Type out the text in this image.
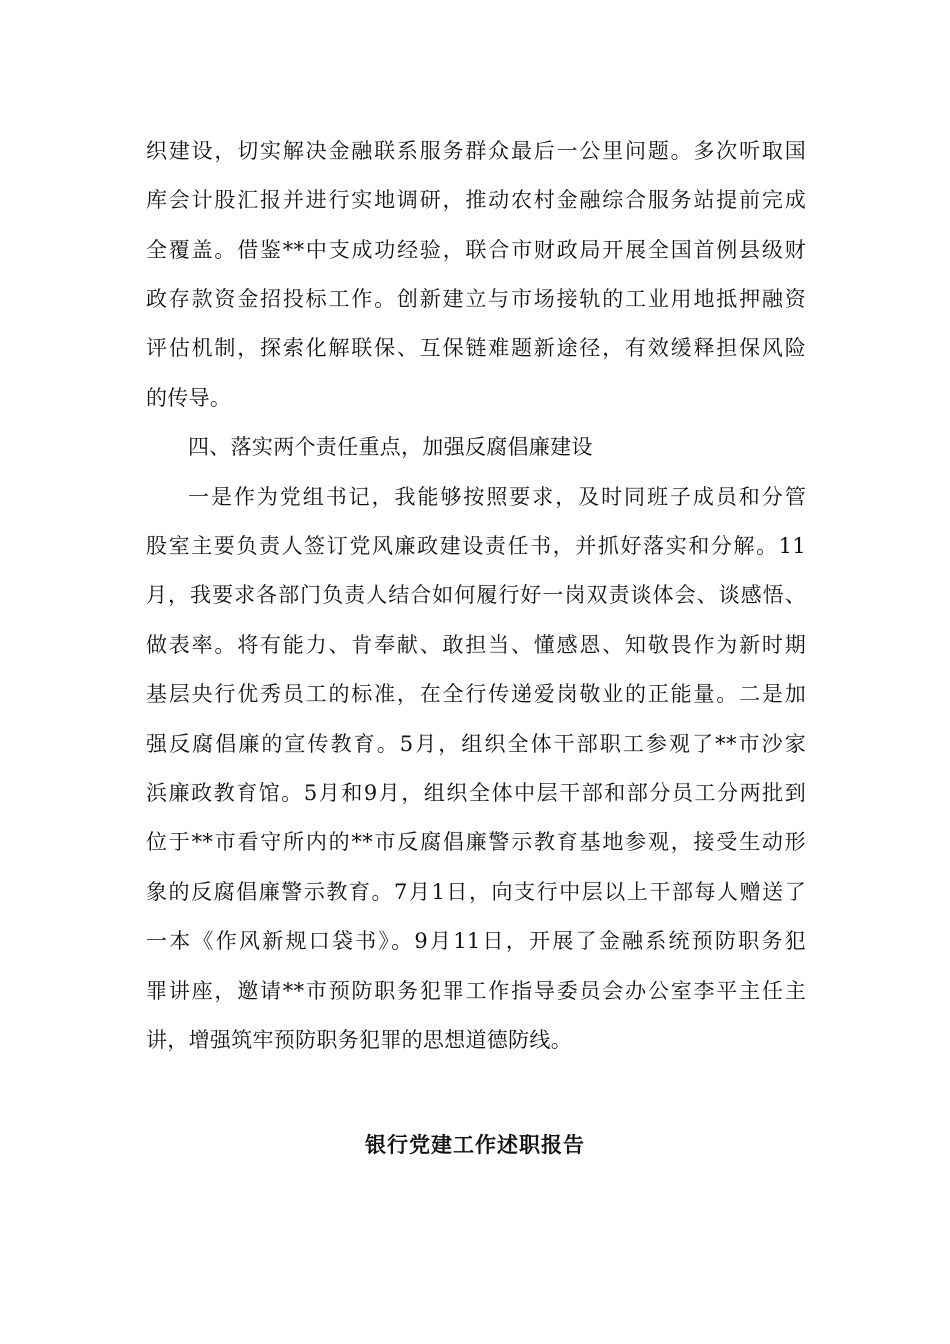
织建设，切实解决金融联系服务群众最后一公里问题。多次听取国
库会计股汇报并进行实地调研，推动农村金融综合服务站提前完成
全覆盖。借鉴**中支成功经验，联合市财政局开展全国首例县级财
政存款资金招投标工作。创新建立与市场接轨的工业用地抵押融资
评估机制，探索化解联保、互保链难题新途径，有效缓释担保风险
的传导。
四、落实两个责任重点，加强反腐倡廉建设
一是作为党组书记，我能够按照要求，及时同班子成员和分管
股室主要负责人签订党风廉政建设责任书，并抓好落实和分解。11
月，我要求各部门负责人结合如何履行好一岗双责谈体会、谈感悟、
做表率。将有能力、肯奉献、敢担当、懂感恩、知敬畏作为新时期
基层央行优秀员工的标准，在全行传递爱岗敬业的正能量。二是加
强反腐倡廉的宣传教育。5月，组织全体干部职工参观了**市沙家
浜廉政教育馆。5月和9月，组织全体中层干部和部分员工分两批到
位于**市看守所内的**市反腐倡廉警示教育基地参观，接受生动形
象的反腐倡廉警示教育。7月1日，向支行中层以上干部每人赠送了
一本《作风新规口袋书》。9月11日，开展了金融系统预防职务犯
罪讲座，邀请**市预防职务犯罪工作指导委员会办公室李平主任主
讲，增强筑牢预防职务犯罪的思想道德防线。
银行党建工作述职报告
